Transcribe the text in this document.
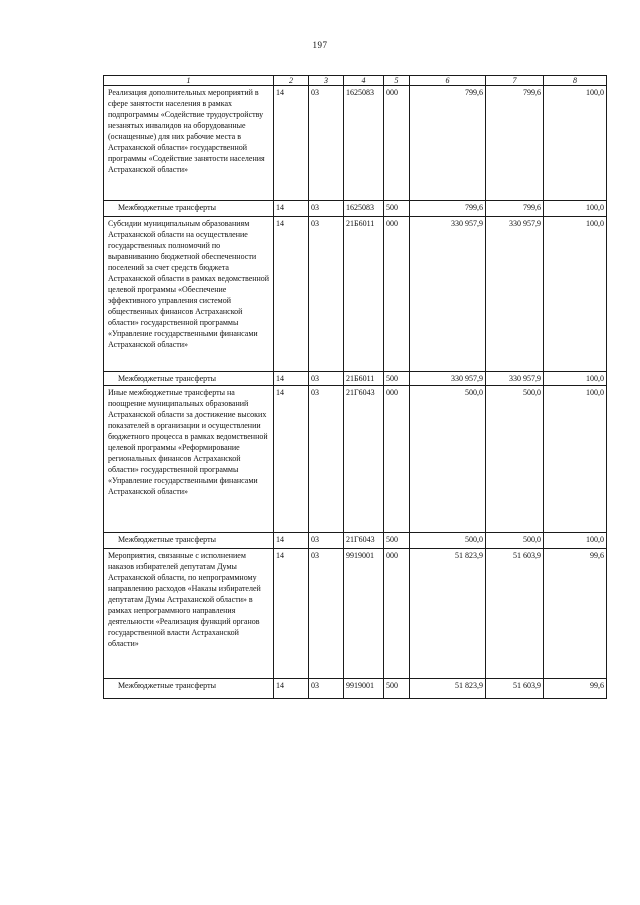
197
1	2	3	4	5	6	7	8
Реализация дополнительных мероприятий в сфере занятости населения в рамках подпрограммы «Содействие трудоустройству незанятых инвалидов на оборудованные (оснащенные) для них рабочие места в Астраханской области» государственной программы «Содействие занятости населения Астраханской области»	14	03	1625083	000	799,6	799,6	100,0
Межбюджетные трансферты	14	03	1625083	500	799,6	799,6	100,0
Субсидии муниципальным образованиям Астраханской области на осуществление государственных полномочий по выравниванию бюджетной обеспеченности поселений за счет средств бюджета Астраханской области в рамках ведомственной целевой программы «Обеспечение эффективного управления системой общественных финансов Астраханской области» государственной программы «Управление государственными финансами Астраханской области»	14	03	21Б6011	000	330 957,9	330 957,9	100,0
Межбюджетные трансферты	14	03	21Б6011	500	330 957,9	330 957,9	100,0
Иные межбюджетные трансферты на поощрение муниципальных образований Астраханской области за достижение высоких показателей в организации и осуществлении бюджетного процесса в рамках ведомственной целевой программы «Реформирование региональных финансов Астраханской области» государственной программы «Управление государственными финансами Астраханской области»	14	03	21Г6043	000	500,0	500,0	100,0
Межбюджетные трансферты	14	03	21Г6043	500	500,0	500,0	100,0
Мероприятия, связанные с исполнением наказов избирателей депутатам Думы Астраханской области, по непрограммному направлению расходов «Наказы избирателей депутатам Думы Астраханской области» в рамках непрограммного направления деятельности «Реализация функций органов государственной власти Астраханской области»	14	03	9919001	000	51 823,9	51 603,9	99,6
Межбюджетные трансферты	14	03	9919001	500	51 823,9	51 603,9	99,6
